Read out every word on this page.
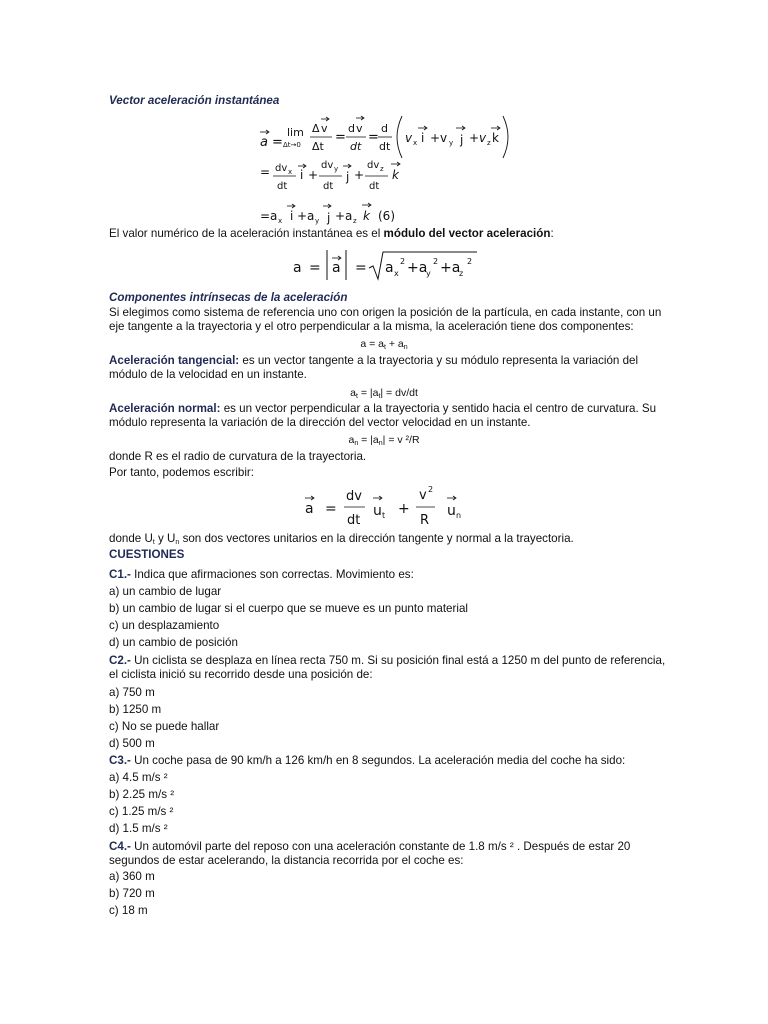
Vector aceleración instantánea
a =
lim
Δt→0
Δ v
Δt
=
d v
dt
=
d
dt
v x i +v y j + v z k
= dv x
dt
i +
dv y
dt
j +
dv z
dt
k
=a x i +a y j +a z k (6)
El valor numérico de la aceleración instantánea es el módulo del vector aceleración:
a = a = a x
2 +a
y
2 +a
z
2
Componentes intrínsecas de la aceleración
Si elegimos como sistema de referencia uno con origen la posición de la partícula, en cada instante, con un
eje tangente a la trayectoria y el otro perpendicular a la misma, la aceleración tiene dos componentes:
$a = a_t + a_n$
Aceleración tangencial: es un vector tangente a la trayectoria y su módulo representa la variación del
módulo de la velocidad en un instante.
$a_t = |a_t| = dv/dt$
Aceleración normal: es un vector perpendicular a la trayectoria y sentido hacia el centro de curvatura. Su
módulo representa la variación de la dirección del vector velocidad en un instante.
$a_n = |a_n| = v$ ²/R
donde R es el radio de curvatura de la trayectoria.
Por tanto, podemos escribir:
a =
dv
dt
u t +
v 2
R
u n
donde $U_t$ y $U_n$ son dos vectores unitarios en la dirección tangente y normal a la trayectoria.
CUESTIONES
C1.- Indica que afirmaciones son correctas. Movimiento es:
a) un cambio de lugar
b) un cambio de lugar si el cuerpo que se mueve es un punto material
c) un desplazamiento
d) un cambio de posición
C2.- Un ciclista se desplaza en línea recta 750 m. Si su posición final está a 1250 m del punto de referencia,
el ciclista inició su recorrido desde una posición de:
a) 750 m
b) 1250 m
c) No se puede hallar
d) 500 m
C3.- Un coche pasa de 90 km/h a 126 km/h en 8 segundos. La aceleración media del coche ha sido:
a) 4.5 m/s ²
b) 2.25 m/s ²
c) 1.25 m/s ²
d) 1.5 m/s ²
C4.- Un automóvil parte del reposo con una aceleración constante de 1.8 m/s ² . Después de estar 20
segundos de estar acelerando, la distancia recorrida por el coche es:
a) 360 m
b) 720 m
c) 18 m
